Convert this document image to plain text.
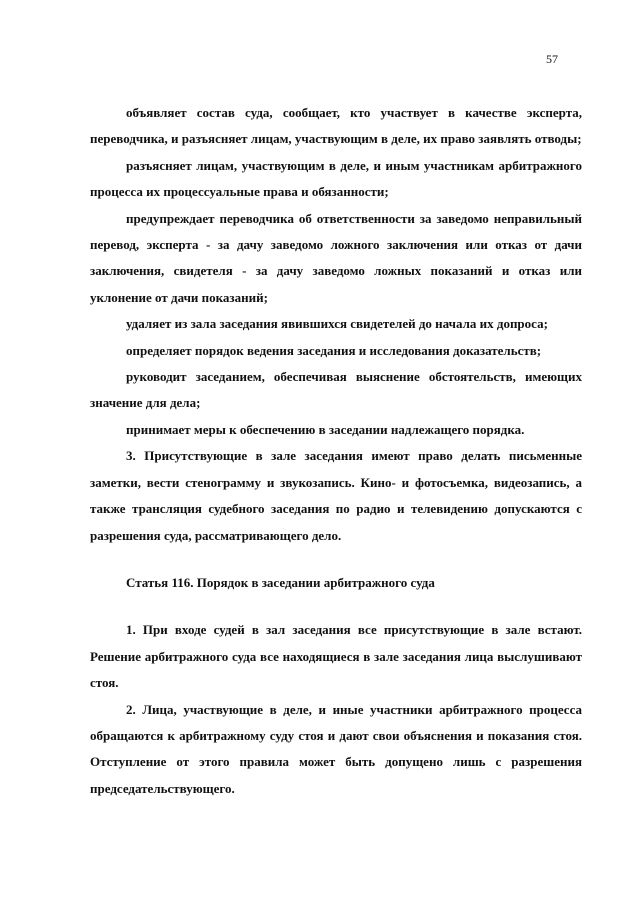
57

объявляет состав суда, сообщает, кто участвует в качестве эксперта, переводчика, и разъясняет лицам, участвующим в деле, их право заявлять отводы;

разъясняет лицам, участвующим в деле, и иным участникам арбитражного процесса их процессуальные права и обязанности;

предупреждает переводчика об ответственности за заведомо неправильный перевод, эксперта - за дачу заведомо ложного заключения или отказ от дачи заключения, свидетеля - за дачу заведомо ложных показаний и отказ или уклонение от дачи показаний;

удаляет из зала заседания явившихся свидетелей до начала их допроса;

определяет порядок ведения заседания и исследования доказательств;

руководит заседанием, обеспечивая выяснение обстоятельств, имеющих значение для дела;

принимает меры к обеспечению в заседании надлежащего порядка.

3. Присутствующие в зале заседания имеют право делать письменные заметки, вести стенограмму и звукозапись. Кино- и фотосъемка, видеозапись, а также трансляция судебного заседания по радио и телевидению допускаются с разрешения суда, рассматривающего дело.

Статья 116. Порядок в заседании арбитражного суда

1. При входе судей в зал заседания все присутствующие в зале встают. Решение арбитражного суда все находящиеся в зале заседания лица выслушивают стоя.

2. Лица, участвующие в деле, и иные участники арбитражного процесса обращаются к арбитражному суду стоя и дают свои объяснения и показания стоя. Отступление от этого правила может быть допущено лишь с разрешения председательствующего.
